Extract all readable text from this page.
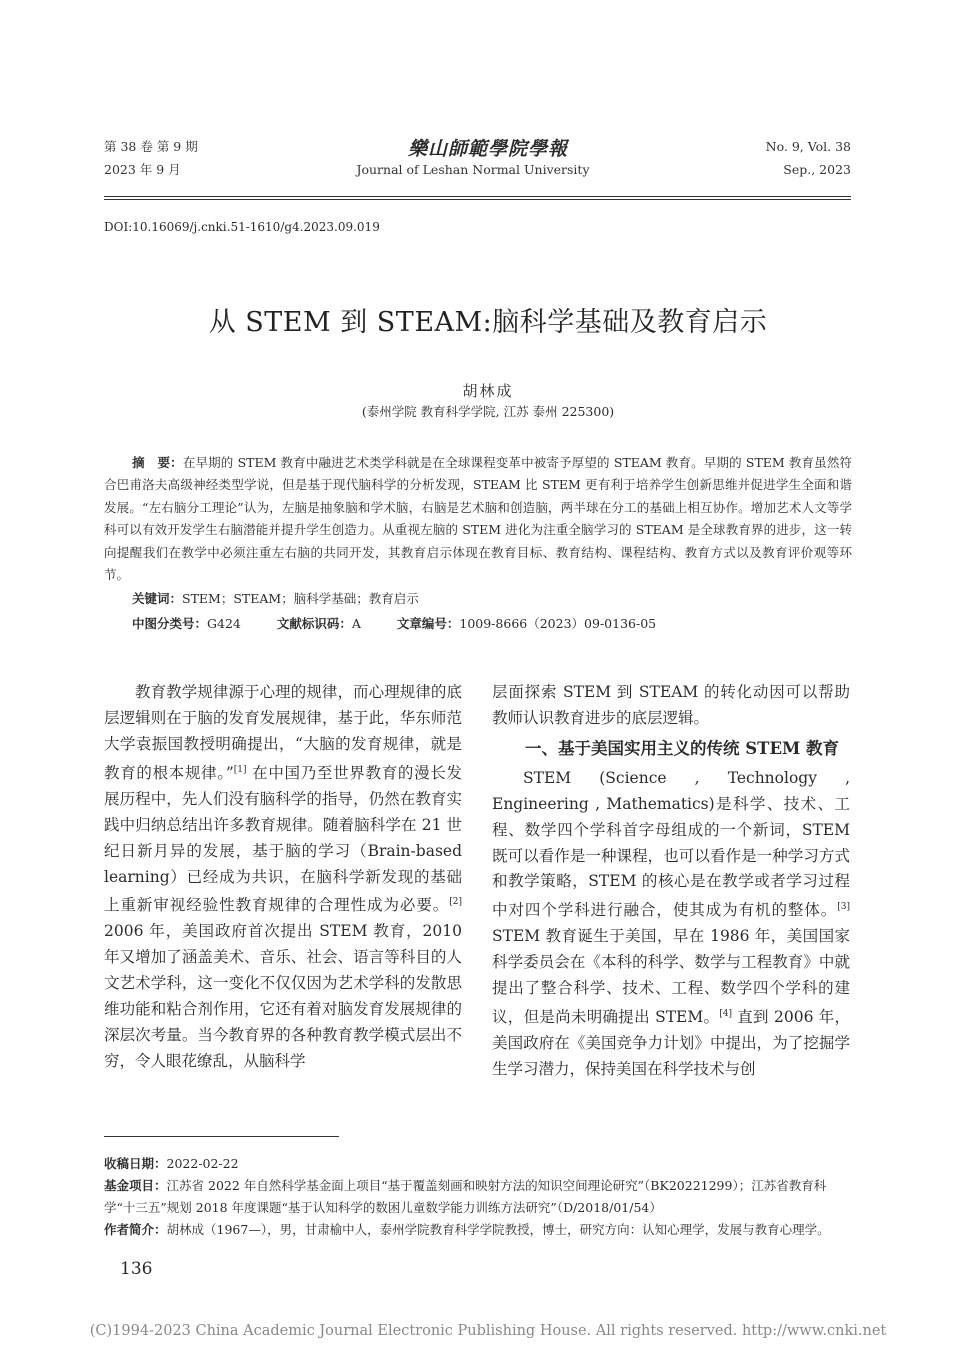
第 38 卷 第 9 期
2023 年 9 月
樂山師範學院學報
Journal of Leshan Normal University
No. 9, Vol. 38
Sep., 2023
DOI:10.16069/j.cnki.51-1610/g4.2023.09.019
从 STEM 到 STEAM:脑科学基础及教育启示
胡林成
(泰州学院 教育科学学院, 江苏 泰州 225300)
摘　要：在早期的 STEM 教育中融进艺术类学科就是在全球课程变革中被寄予厚望的 STEAM 教育。早期的 STEM 教育虽然符合巴甫洛夫高级神经类型学说，但是基于现代脑科学的分析发现，STEAM 比 STEM 更有利于培养学生创新思维并促进学生全面和谐发展。“左右脑分工理论”认为，左脑是抽象脑和学术脑，右脑是艺术脑和创造脑，两半球在分工的基础上相互协作。增加艺术人文等学科可以有效开发学生右脑潜能并提升学生创造力。从重视左脑的 STEM 进化为注重全脑学习的 STEAM 是全球教育界的进步，这一转向提醒我们在教学中必须注重左右脑的共同开发，其教育启示体现在教育目标、教育结构、课程结构、教育方式以及教育评价观等环节。
关键词：STEM；STEAM；脑科学基础；教育启示
中图分类号：G424	文献标识码：A	文章编号：1009-8666（2023）09-0136-05

教育教学规律源于心理的规律，而心理规律的底层逻辑则在于脑的发育发展规律，基于此，华东师范大学袁振国教授明确提出，“大脑的发育规律，就是教育的根本规律。”[1] 在中国乃至世界教育的漫长发展历程中，先人们没有脑科学的指导，仍然在教育实践中归纳总结出许多教育规律。随着脑科学在 21 世纪日新月异的发展，基于脑的学习（Brain-based learning）已经成为共识，在脑科学新发现的基础上重新审视经验性教育规律的合理性成为必要。[2] 2006 年，美国政府首次提出 STEM 教育，2010 年又增加了涵盖美术、音乐、社会、语言等科目的人文艺术学科，这一变化不仅仅因为艺术学科的发散思维功能和粘合剂作用，它还有着对脑发育发展规律的深层次考量。当今教育界的各种教育教学模式层出不穷，令人眼花缭乱，从脑科学

层面探索 STEM 到 STEAM 的转化动因可以帮助教师认识教育进步的底层逻辑。

一、基于美国实用主义的传统 STEM 教育

STEM (Science , Technology , Engineering , Mathematics)是科学、技术、工程、数学四个学科首字母组成的一个新词，STEM 既可以看作是一种课程，也可以看作是一种学习方式和教学策略，STEM 的核心是在教学或者学习过程中对四个学科进行融合，使其成为有机的整体。[3] STEM 教育诞生于美国，早在 1986 年，美国国家科学委员会在《本科的科学、数学与工程教育》中就提出了整合科学、技术、工程、数学四个学科的建议，但是尚未明确提出 STEM。[4] 直到 2006 年，美国政府在《美国竞争力计划》中提出，为了挖掘学生学习潜力，保持美国在科学技术与创

收稿日期：2022-02-22
基金项目：江苏省 2022 年自然科学基金面上项目“基于覆盖刻画和映射方法的知识空间理论研究”（BK20221299）；江苏省教育科学“十三五”规划 2018 年度课题“基于认知科学的数困儿童数学能力训练方法研究”（D/2018/01/54）
作者简介：胡林成（1967—），男，甘肃榆中人，泰州学院教育科学学院教授，博士，研究方向：认知心理学，发展与教育心理学。
136
(C)1994-2023 China Academic Journal Electronic Publishing House. All rights reserved. http://www.cnki.net
